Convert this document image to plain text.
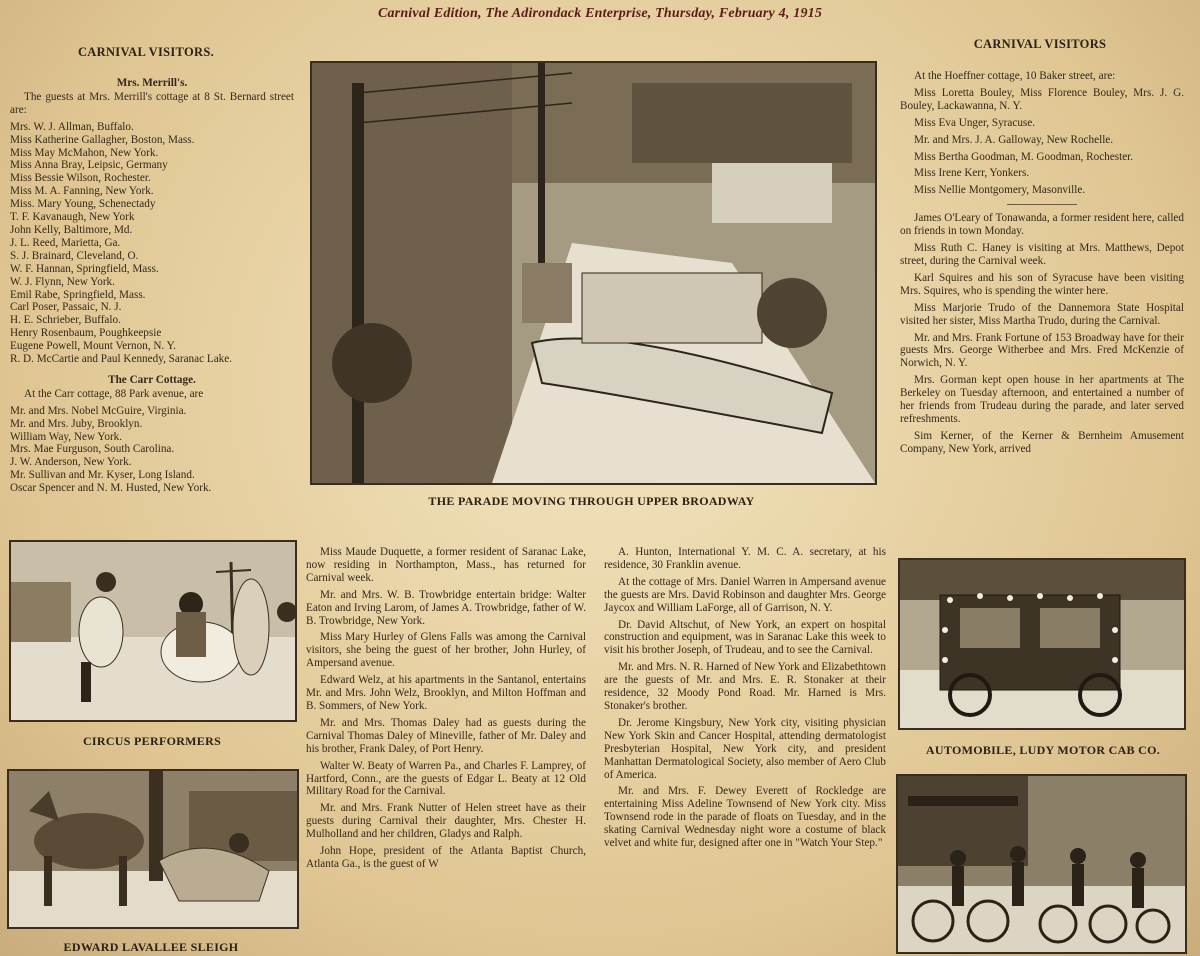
Carnival Edition, The Adirondack Enterprise, Thursday, February 4, 1915
CARNIVAL VISITORS.
Mrs. Merrill's.

The guests at Mrs. Merrill's cottage at 8 St. Bernard street are:

Mrs. W. J. Allman, Buffalo.
Miss Katherine Gallagher, Boston, Mass.
Miss May McMahon, New York.
Miss Anna Bray, Leipsic, Germany
Miss Bessie Wilson, Rochester.
Miss M. A. Fanning, New York.
Miss. Mary Young, Schenectady
T. F. Kavanaugh, New York
John Kelly, Baltimore, Md.
J. L. Reed, Marietta, Ga.
S. J. Brainard, Cleveland, O.
W. F. Hannan, Springfield, Mass.
W. J. Flynn, New York.
Emil Rabe, Springfield, Mass.
Carl Poser, Passaic, N. J.
H. E. Schrieber, Buffalo.
Henry Rosenbaum, Poughkeepsie
Eugene Powell, Mount Vernon, N. Y.
R. D. McCartie and Paul Kennedy, Saranac Lake.
The Carr Cottage.

At the Carr cottage, 88 Park avenue, are

Mr. and Mrs. Nobel McGuire, Virginia.
Mr. and Mrs. Juby, Brooklyn.
William Way, New York.
Mrs. Mae Furguson, South Carolina.
J. W. Anderson, New York.
Mr. Sullivan and Mr. Kyser, Long Island.
Oscar Spencer and N. M. Husted, New York.
CIRCUS PERFORMERS
EDWARD LAVALLEE SLEIGH
THE PARADE MOVING THROUGH UPPER BROADWAY

Miss Maude Duquette, a former resident of Saranac Lake, now residing in Northampton, Mass., has returned for Carnival week.

Mr. and Mrs. W. B. Trowbridge entertain bridge: Walter Eaton and Irving Larom, of James A. Trowbridge, father of W. B. Trowbridge, New York.

Miss Mary Hurley of Glens Falls was among the Carnival visitors, she being the guest of her brother, John Hurley, of Ampersand avenue.

Edward Welz, at his apartments in the Santanol, entertains Mr. and Mrs. John Welz, Brooklyn, and Milton Hoffman and B. Sommers, of New York.

Mr. and Mrs. Thomas Daley had as guests during the Carnival Thomas Daley of Mineville, father of Mr. Daley and his brother, Frank Daley, of Port Henry.

Walter W. Beaty of Warren Pa., and Charles F. Lamprey, of Hartford, Conn., are the guests of Edgar L. Beaty at 12 Old Military Road for the Carnival.

Mr. and Mrs. Frank Nutter of Helen street have as their guests during Carnival their daughter, Mrs. Chester H. Mulholland and her children, Gladys and Ralph.

John Hope, president of the Atlanta Baptist Church, Atlanta Ga., is the guest of W

A. Hunton, International Y. M. C. A. secretary, at his residence, 30 Franklin avenue.

At the cottage of Mrs. Daniel Warren in Ampersand avenue the guests are Mrs. David Robinson and daughter Mrs. George Jaycox and William LaForge, all of Garrison, N. Y.

Dr. David Altschut, of New York, an expert on hospital construction and equipment, was in Saranac Lake this week to visit his brother Joseph, of Trudeau, and to see the Carnival.

Mr. and Mrs. N. R. Harned of New York and Elizabethtown are the guests of Mr. and Mrs. E. R. Stonaker at their residence, 32 Moody Pond Road. Mr. Harned is Mrs. Stonaker's brother.

Dr. Jerome Kingsbury, New York city, visiting physician New York Skin and Cancer Hospital, attending dermatologist Presbyterian Hospital, New York city, and president Manhattan Dermatological Society, also member of Aero Club of America.

Mr. and Mrs. F. Dewey Everett of Rockledge are entertaining Miss Adeline Townsend of New York city. Miss Townsend rode in the parade of floats on Tuesday, and in the skating Carnival Wednesday night wore a costume of black velvet and white fur, designed after one in "Watch Your Step."

CARNIVAL VISITORS

At the Hoeffner cottage, 10 Baker street, are:

Miss Loretta Bouley, Miss Florence Bouley, Mrs. J. G. Bouley, Lackawanna, N. Y.

Miss Eva Unger, Syracuse.

Mr. and Mrs. J. A. Galloway, New Rochelle.

Miss Bertha Goodman, M. Goodman, Rochester.

Miss Irene Kerr, Yonkers.

Miss Nellie Montgomery, Masonville.

James O'Leary of Tonawanda, a former resident here, called on friends in town Monday.

Miss Ruth C. Haney is visiting at Mrs. Matthews, Depot street, during the Carnival week.

Karl Squires and his son of Syracuse have been visiting Mrs. Squires, who is spending the winter here.

Miss Marjorie Trudo of the Dannemora State Hospital visited her sister, Miss Martha Trudo, during the Carnival.

Mr. and Mrs. Frank Fortune of 153 Broadway have for their guests Mrs. George Witherbee and Mrs. Fred McKenzie of Norwich, N. Y.

Mrs. Gorman kept open house in her apartments at The Berkeley on Tuesday afternoon, and entertained a number of her friends from Trudeau during the parade, and later served refreshments.

Sim Kerner, of the Kerner & Bernheim Amusement Company, New York, arrived

AUTOMOBILE, LUDY MOTOR CAB CO.
